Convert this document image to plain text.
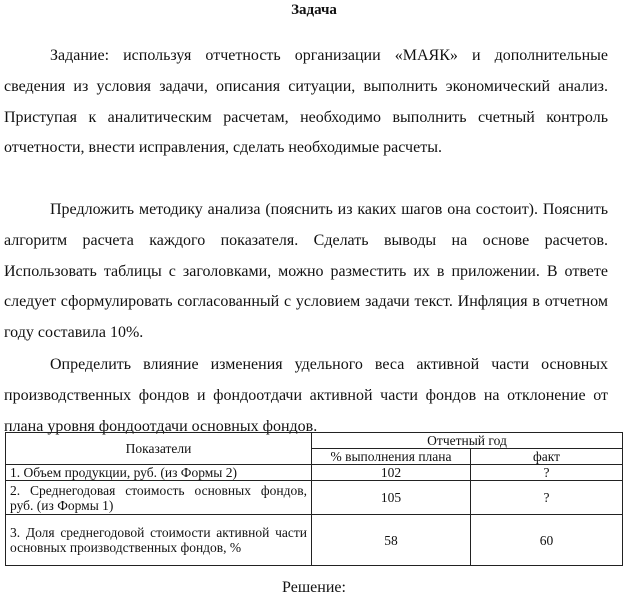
Задача

Задание: используя отчетность организации «МАЯК» и дополнительные сведения из условия задачи, описания ситуации, выполнить экономический анализ. Приступая к аналитическим расчетам, необходимо выполнить счетный контроль отчетности, внести исправления, сделать необходимые расчеты.

Предложить методику анализа (пояснить из каких шагов она состоит). Пояснить алгоритм расчета каждого показателя. Сделать выводы на основе расчетов. Использовать таблицы с заголовками, можно разместить их в приложении. В ответе следует сформулировать согласованный с условием задачи текст. Инфляция в отчетном году составила 10%.

Определить влияние изменения удельного веса активной части основных производственных фондов и фондоотдачи активной части фондов на отклонение от плана уровня фондоотдачи основных фондов.

Показатели	Отчетный год	
	% выполнения плана	факт
1. Объем продукции, руб. (из Формы 2)	102	?
2. Среднегодовая стоимость основных фондов, руб. (из Формы 1)	105	?
3. Доля среднегодовой стоимости активной части основных производственных фондов, %	58	60
Решение:
